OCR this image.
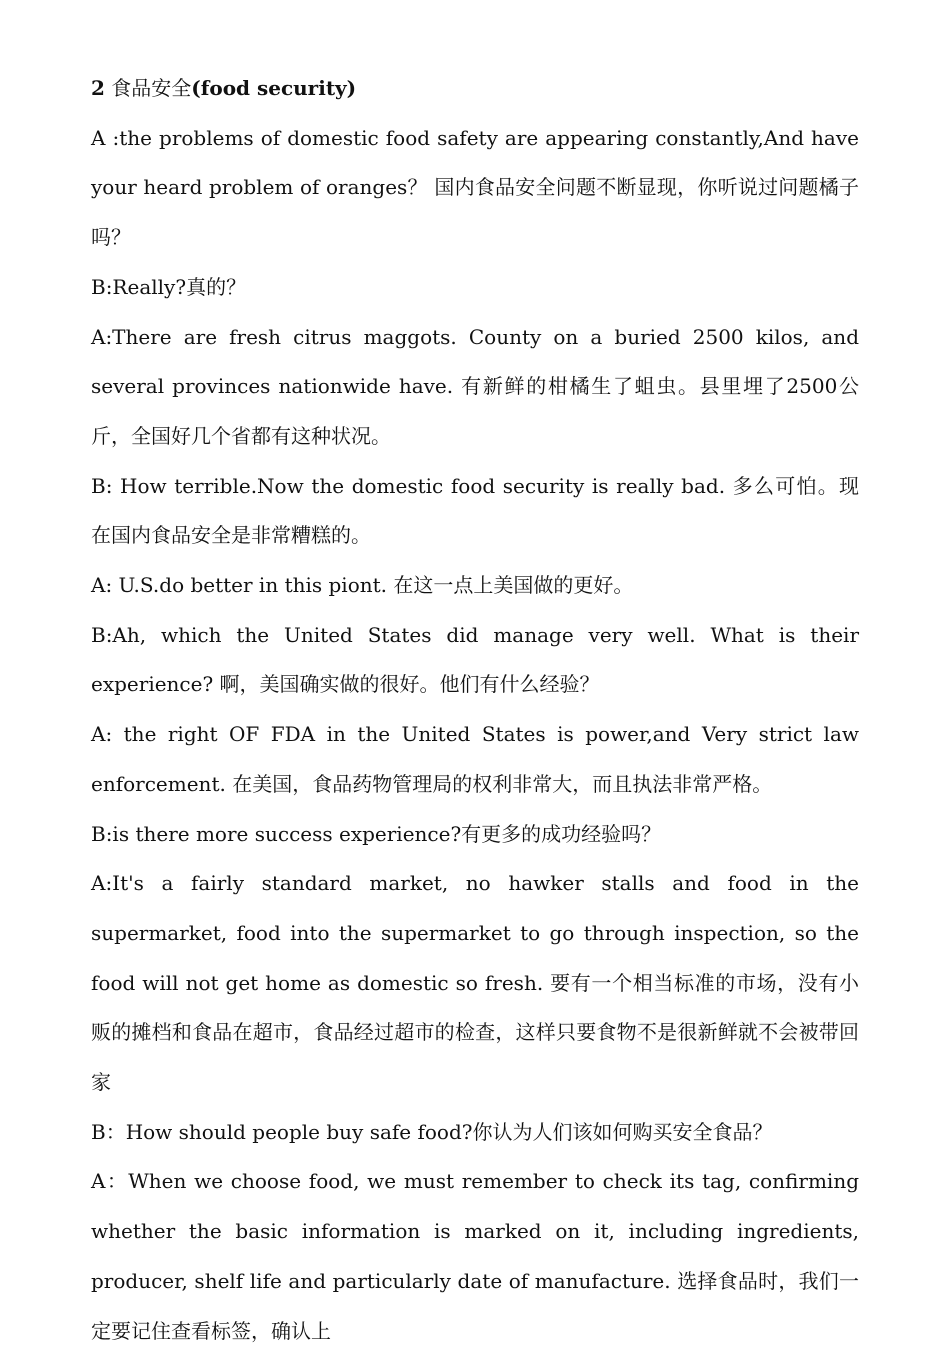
2 食品安全(food security)

A :the problems of domestic food safety are appearing constantly,And have your heard problem of oranges？ 国内食品安全问题不断显现，你听说过问题橘子吗？

B:Really?真的？

A:There are fresh citrus maggots. County on a buried 2500 kilos, and several provinces nationwide have. 有新鲜的柑橘生了蛆虫。县里埋了2500公斤，全国好几个省都有这种状况。

B: How terrible.Now the domestic food security is really bad. 多么可怕。现在国内食品安全是非常糟糕的。

A: U.S.do better in this piont. 在这一点上美国做的更好。

B:Ah, which the United States did manage very well. What is their experience? 啊，美国确实做的很好。他们有什么经验？

A: the right OF FDA in the United States is power,and Very strict law enforcement. 在美国，食品药物管理局的权利非常大，而且执法非常严格。

B:is there more success experience?有更多的成功经验吗？

A:It's a fairly standard market, no hawker stalls and food in the supermarket, food into the supermarket to go through inspection, so the food will not get home as domestic so fresh. 要有一个相当标准的市场，没有小贩的摊档和食品在超市，食品经过超市的检查，这样只要食物不是很新鲜就不会被带回家

B：How should people buy safe food?你认为人们该如何购买安全食品？

A：When we choose food, we must remember to check its tag, confirming whether the basic information is marked on it, including ingredients, producer, shelf life and particularly date of manufacture. 选择食品时，我们一定要记住查看标签，确认上
